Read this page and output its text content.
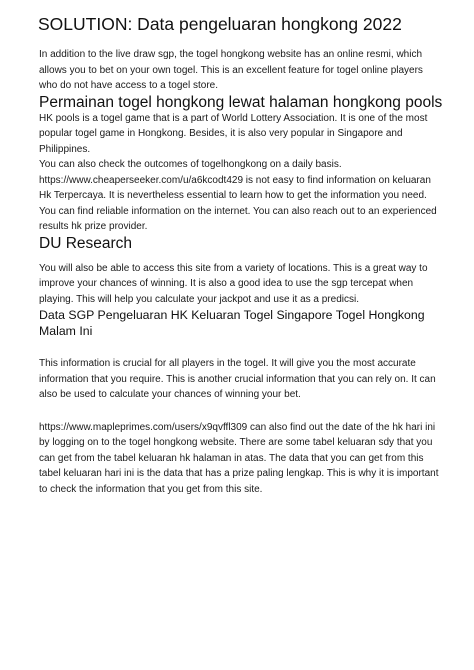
SOLUTION: Data pengeluaran hongkong 2022

In addition to the live draw sgp, the togel hongkong website has an online resmi, which allows you to bet on your own togel. This is an excellent feature for togel online players who do not have access to a togel store.

Permainan togel hongkong lewat halaman hongkong pools

HK pools is a togel game that is a part of World Lottery Association. It is one of the most popular togel game in Hongkong. Besides, it is also very popular in Singapore and Philippines.

You can also check the outcomes of togelhongkong on a daily basis.

https://www.cheaperseeker.com/u/a6kcodt429 is not easy to find information on keluaran Hk Terpercaya. It is nevertheless essential to learn how to get the information you need. You can find reliable information on the internet. You can also reach out to an experienced results hk prize provider.

DU Research

You will also be able to access this site from a variety of locations. This is a great way to improve your chances of winning. It is also a good idea to use the sgp tercepat when playing. This will help you calculate your jackpot and use it as a predicsi.

Data SGP Pengeluaran HK Keluaran Togel Singapore Togel Hongkong Malam Ini

This information is crucial for all players in the togel. It will give you the most accurate information that you require. This is another crucial information that you can rely on. It can also be used to calculate your chances of winning your bet.

https://www.mapleprimes.com/users/x9qvffl309 can also find out the date of the hk hari ini by logging on to the togel hongkong website. There are some tabel keluaran sdy that you can get from the tabel keluaran hk halaman in atas. The data that you can get from this tabel keluaran hari ini is the data that has a prize paling lengkap. This is why it is important to check the information that you get from this site.
